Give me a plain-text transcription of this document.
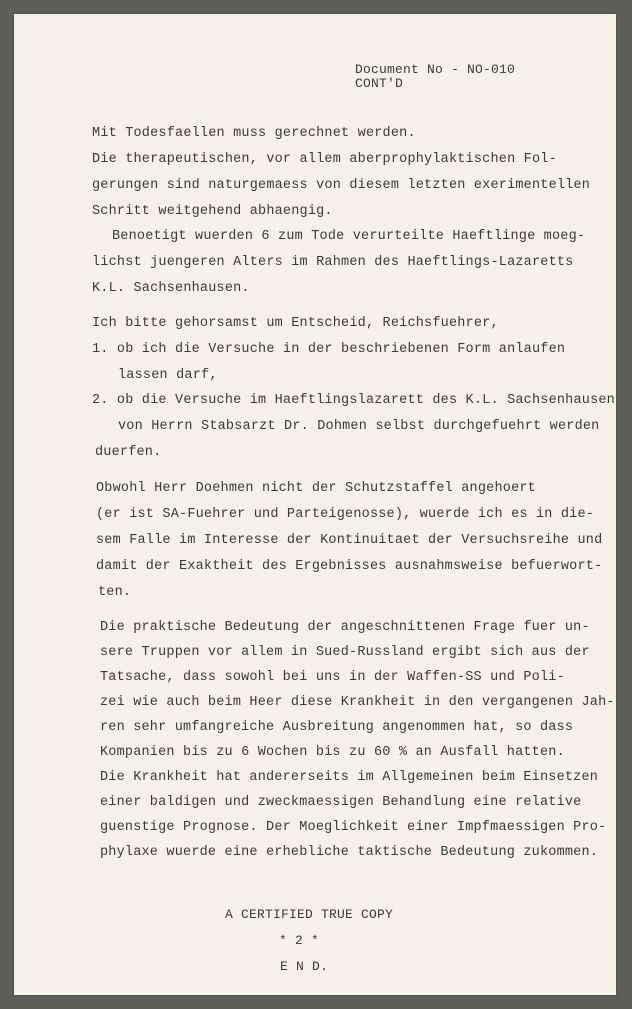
Document No - NO-010
CONT'D
Mit Todesfaellen muss gerechnet werden.
Die therapeutischen, vor allem aberprophylaktischen Fol-
gerungen sind naturgemaess von diesem letzten exerimentellen
Schritt weitgehend abhaengig.
Benoetigt wuerden 6 zum Tode verurteilte Haeftlinge moeg-
lichst juengeren Alters im Rahmen des Haeftlings-Lazaretts
K.L. Sachsenhausen.
Ich bitte gehorsamst um Entscheid, Reichsfuehrer,
1. ob ich die Versuche in der beschriebenen Form anlaufen
lassen darf,
2. ob die Versuche im Haeftlingslazarett des K.L. Sachsenhausen
von Herrn Stabsarzt Dr. Dohmen selbst durchgefuehrt werden
duerfen.
Obwohl Herr Doehmen nicht der Schutzstaffel angehoert
(er ist SA-Fuehrer und Parteigenosse), wuerde ich es in die-
sem Falle im Interesse der Kontinuitaet der Versuchsreihe und
damit der Exaktheit des Ergebnisses ausnahmsweise befuerwort-
ten.
Die praktische Bedeutung der angeschnittenen Frage fuer un-
sere Truppen vor allem in Sued-Russland ergibt sich aus der
Tatsache, dass sowohl bei uns in der Waffen-SS und Poli-
zei wie auch beim Heer diese Krankheit in den vergangenen Jah-
ren sehr umfangreiche Ausbreitung angenommen hat, so dass
Kompanien bis zu 6 Wochen bis zu 60 % an Ausfall hatten.
Die Krankheit hat andererseits im Allgemeinen beim Einsetzen
einer baldigen und zweckmaessigen Behandlung eine relative
guenstige Prognose. Der Moeglichkeit einer Impfmaessigen Pro-
phylaxe wuerde eine erhebliche taktische Bedeutung zukommen.
A CERTIFIED TRUE COPY
* 2 *
E N D.
